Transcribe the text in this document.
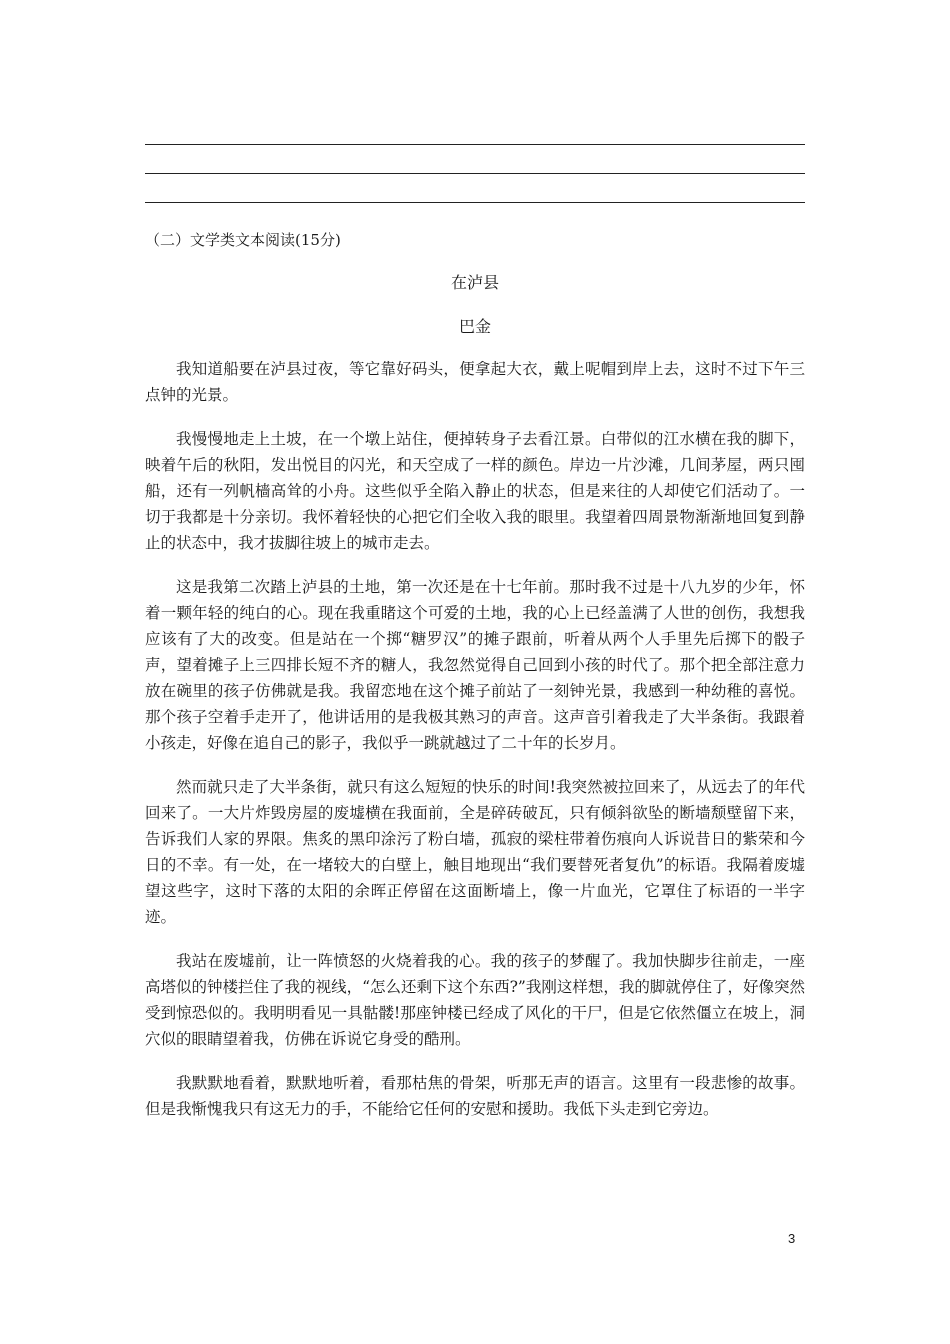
（二）文学类文本阅读(15分)
在泸县
巴金

我知道船要在泸县过夜，等它靠好码头，便拿起大衣，戴上呢帽到岸上去，这时不过下午三点钟的光景。

我慢慢地走上土坡，在一个墩上站住，便掉转身子去看江景。白带似的江水横在我的脚下，映着午后的秋阳，发出悦目的闪光，和天空成了一样的颜色。岸边一片沙滩，几间茅屋，两只囤船，还有一列帆樯高耸的小舟。这些似乎全陷入静止的状态，但是来往的人却使它们活动了。一切于我都是十分亲切。我怀着轻快的心把它们全收入我的眼里。我望着四周景物渐渐地回复到静止的状态中，我才拔脚往坡上的城市走去。

这是我第二次踏上泸县的土地，第一次还是在十七年前。那时我不过是十八九岁的少年，怀着一颗年轻的纯白的心。现在我重睹这个可爱的土地，我的心上已经盖满了人世的创伤，我想我应该有了大的改变。但是站在一个掷“糖罗汉”的摊子跟前，听着从两个人手里先后掷下的骰子声，望着摊子上三四排长短不齐的糖人，我忽然觉得自己回到小孩的时代了。那个把全部注意力放在碗里的孩子仿佛就是我。我留恋地在这个摊子前站了一刻钟光景，我感到一种幼稚的喜悦。那个孩子空着手走开了，他讲话用的是我极其熟习的声音。这声音引着我走了大半条街。我跟着小孩走，好像在追自己的影子，我似乎一跳就越过了二十年的长岁月。

然而就只走了大半条街，就只有这么短短的快乐的时间!我突然被拉回来了，从远去了的年代回来了。一大片炸毁房屋的废墟横在我面前，全是碎砖破瓦，只有倾斜欲坠的断墙颓壁留下来，告诉我们人家的界限。焦炙的黑印涂污了粉白墙，孤寂的梁柱带着伤痕向人诉说昔日的紫荣和今日的不幸。有一处，在一堵较大的白壁上，触目地现出“我们要替死者复仇”的标语。我隔着废墟望这些字，这时下落的太阳的余晖正停留在这面断墙上，像一片血光，它罩住了标语的一半字迹。

我站在废墟前，让一阵愤怒的火烧着我的心。我的孩子的梦醒了。我加快脚步往前走，一座高塔似的钟楼拦住了我的视线，“怎么还剩下这个东西?”我刚这样想，我的脚就停住了，好像突然受到惊恐似的。我明明看见一具骷髅!那座钟楼已经成了风化的干尸，但是它依然僵立在坡上，洞穴似的眼睛望着我，仿佛在诉说它身受的酷刑。

我默默地看着，默默地听着，看那枯焦的骨架，听那无声的语言。这里有一段悲惨的故事。但是我惭愧我只有这无力的手，不能给它任何的安慰和援助。我低下头走到它旁边。

3
